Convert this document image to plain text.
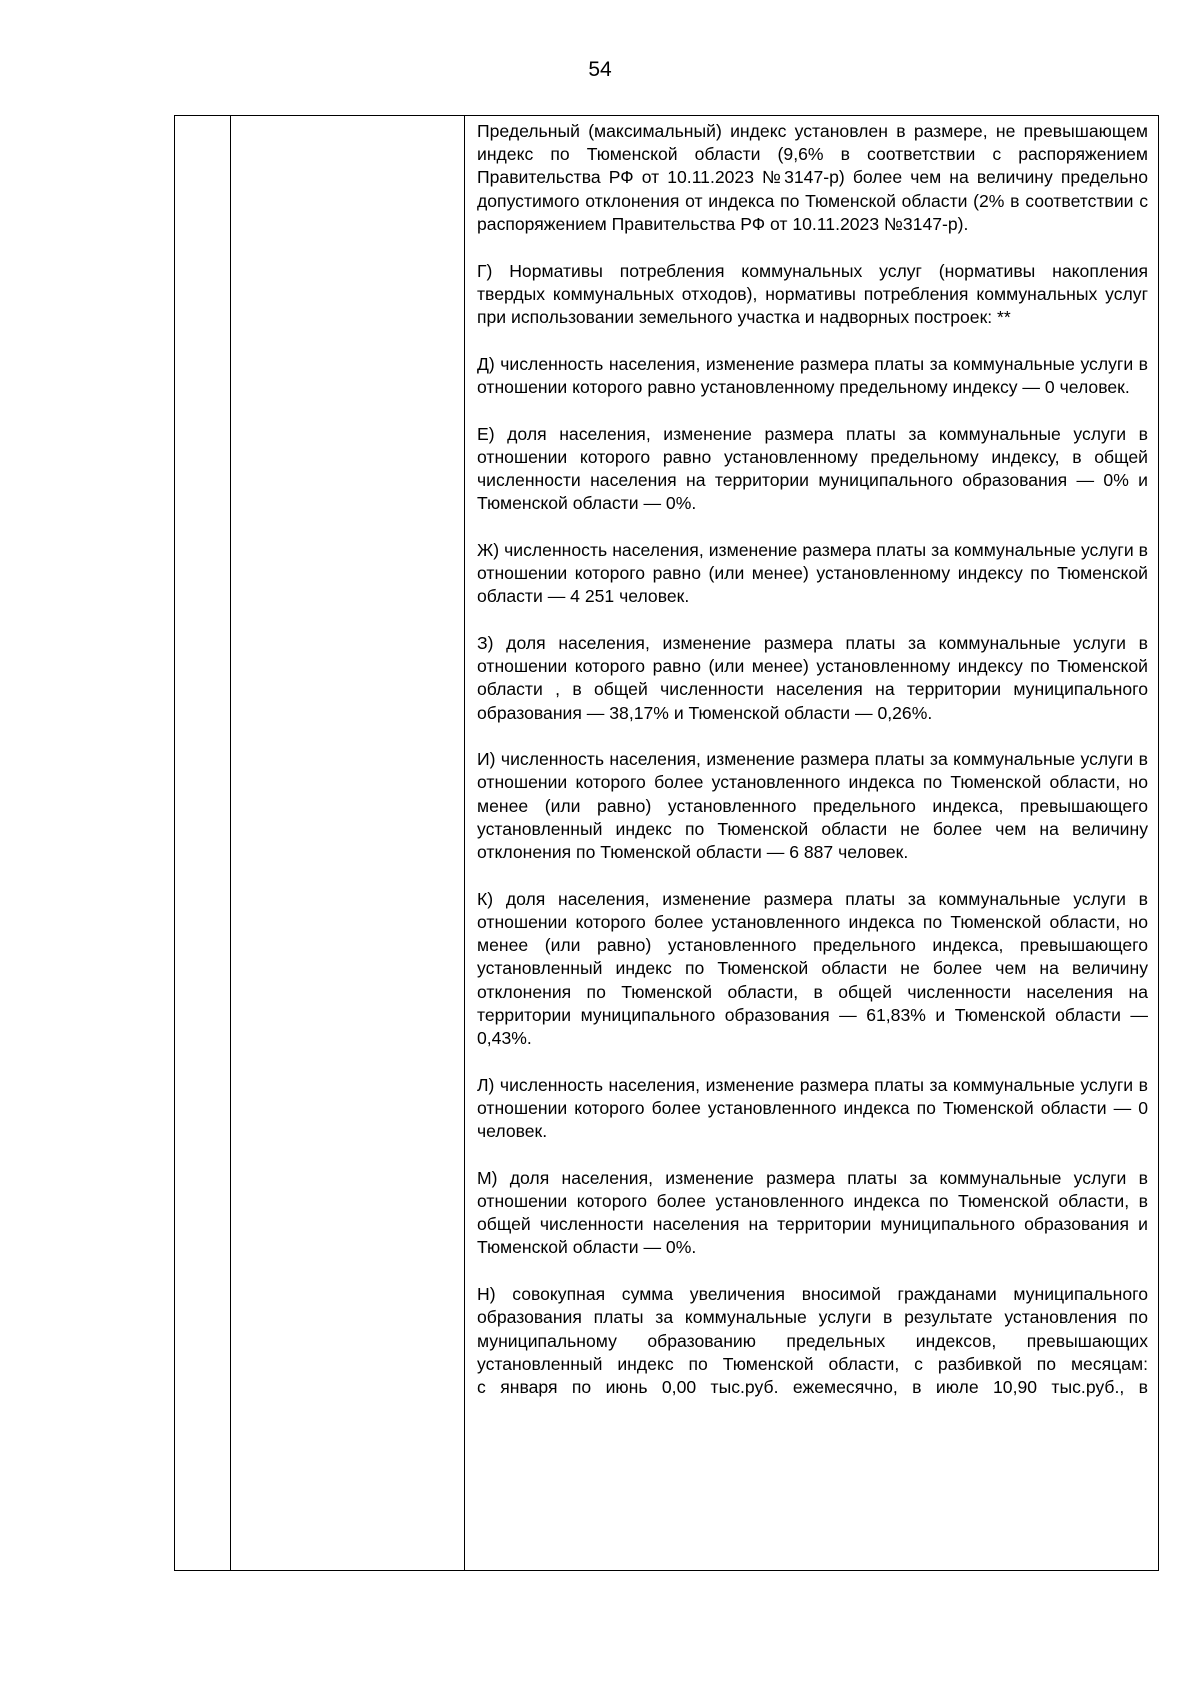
54

Предельный (максимальный) индекс установлен в размере, не превышающем индекс по Тюменской области (9,6% в соответствии с распоряжением Правительства РФ от 10.11.2023 №3147-р) более чем на величину предельно допустимого отклонения от индекса по Тюменской области (2% в соответствии с распоряжением Правительства РФ от 10.11.2023 №3147-р).

Г) Нормативы потребления коммунальных услуг (нормативы накопления твердых коммунальных отходов), нормативы потребления коммунальных услуг при использовании земельного участка и надворных построек: **

Д) численность населения, изменение размера платы за коммунальные услуги в отношении которого равно установленному предельному индексу — 0 человек.

Е) доля населения, изменение размера платы за коммунальные услуги в отношении которого равно установленному предельному индексу, в общей численности населения на территории муниципального образования — 0% и Тюменской области — 0%.

Ж) численность населения, изменение размера платы за коммунальные услуги в отношении которого равно (или менее) установленному индексу по Тюменской области — 4 251 человек.

З) доля населения, изменение размера платы за коммунальные услуги в отношении которого равно (или менее) установленному индексу по Тюменской области , в общей численности населения на территории муниципального образования — 38,17% и Тюменской области — 0,26%.

И) численность населения, изменение размера платы за коммунальные услуги в отношении которого более установленного индекса по Тюменской области, но менее (или равно) установленного предельного индекса, превышающего установленный индекс по Тюменской области не более чем на величину отклонения по Тюменской области — 6 887 человек.

К) доля населения, изменение размера платы за коммунальные услуги в отношении которого более установленного индекса по Тюменской области, но менее (или равно) установленного предельного индекса, превышающего установленный индекс по Тюменской области не более чем на величину отклонения по Тюменской области, в общей численности населения на территории муниципального образования — 61,83% и Тюменской области — 0,43%.

Л) численность населения, изменение размера платы за коммунальные услуги в отношении которого более установленного индекса по Тюменской области — 0 человек.

М) доля населения, изменение размера платы за коммунальные услуги в отношении которого более установленного индекса по Тюменской области, в общей численности населения на территории муниципального образования и Тюменской области — 0%.

Н) совокупная сумма увеличения вносимой гражданами муниципального образования платы за коммунальные услуги в результате установления по муниципальному образованию предельных индексов, превышающих установленный индекс по Тюменской области, с разбивкой по месяцам:
с января по июнь 0,00 тыс.руб. ежемесячно, в июле 10,90 тыс.руб., в
